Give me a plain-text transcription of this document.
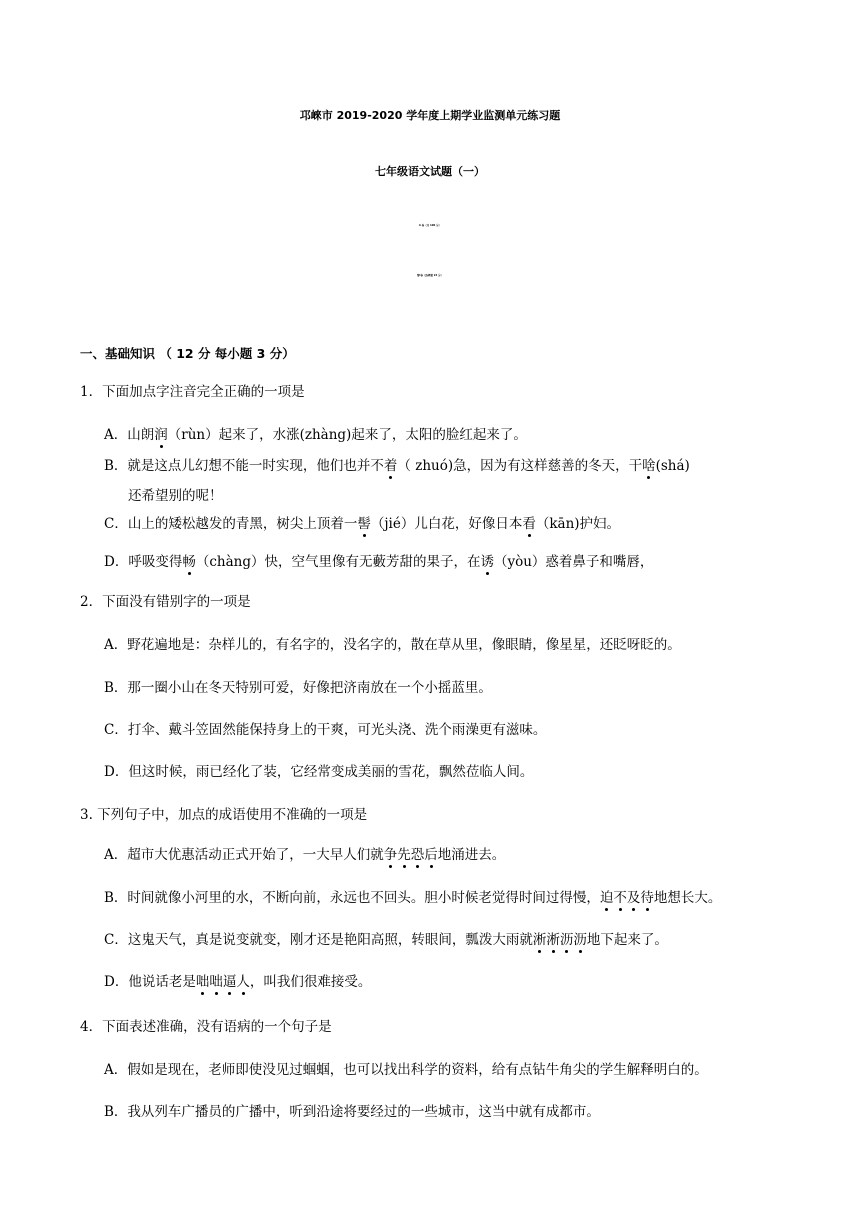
邛崍市 2019-2020 学年度上期学业监测单元练习题
七年级语文试题（一）
A 卷（共 100 分）
第Ⅰ卷（选择题 24 分）
一、基础知识 （ 12 分 每小题 3 分）
1．下面加点字注音完全正确的一项是
A．山朗润（rùn）起来了，水涨(zhàng)起来了，太阳的脸红起来了。
B．就是这点儿幻想不能一时实现，他们也并不着（ zhuó)急，因为有这样慈善的冬天，干啥(shá)
还希望别的呢！
C．山上的矮松越发的青黑，树尖上顶着一髻（jié）儿白花，好像日本看（kān)护妇。
D．呼吸变得畅（chàng）快，空气里像有无藪芳甜的果子，在诱（yòu）惑着鼻子和嘴唇，
2．下面没有错别字的一项是
A．野花遍地是：杂样儿的，有名字的，没名字的，散在草从里，像眼睛，像星星，还眨呀眨的。
B．那一圈小山在冬天特别可爱，好像把济南放在一个小摇蓝里。
C．打伞、戴斗笠固然能保持身上的干爽，可光头浇、洗个雨澡更有滋味。
D．但这时候，雨已经化了装，它经常变成美丽的雪花，飘然莅临人间。
3. 下列句子中，加点的成语使用不准确的一项是
A．超市大优惠活动正式开始了，一大早人们就争先恐后地涌进去。
B．时间就像小河里的水，不断向前，永远也不回头。胆小时候老觉得时间过得慢，迫不及待地想长大。
C．这鬼天气，真是说变就变，刚才还是艳阳高照，转眼间，瓢泼大雨就淅淅沥沥地下起来了。
D．他说话老是咄咄逼人，叫我们很难接受。
4．下面表述准确，没有语病的一个句子是
A．假如是现在，老师即使没见过蝈蝈，也可以找出科学的资料，给有点钻牛角尖的学生解释明白的。
B．我从列车广播员的广播中，听到沿途将要经过的一些城市，这当中就有成都市。
